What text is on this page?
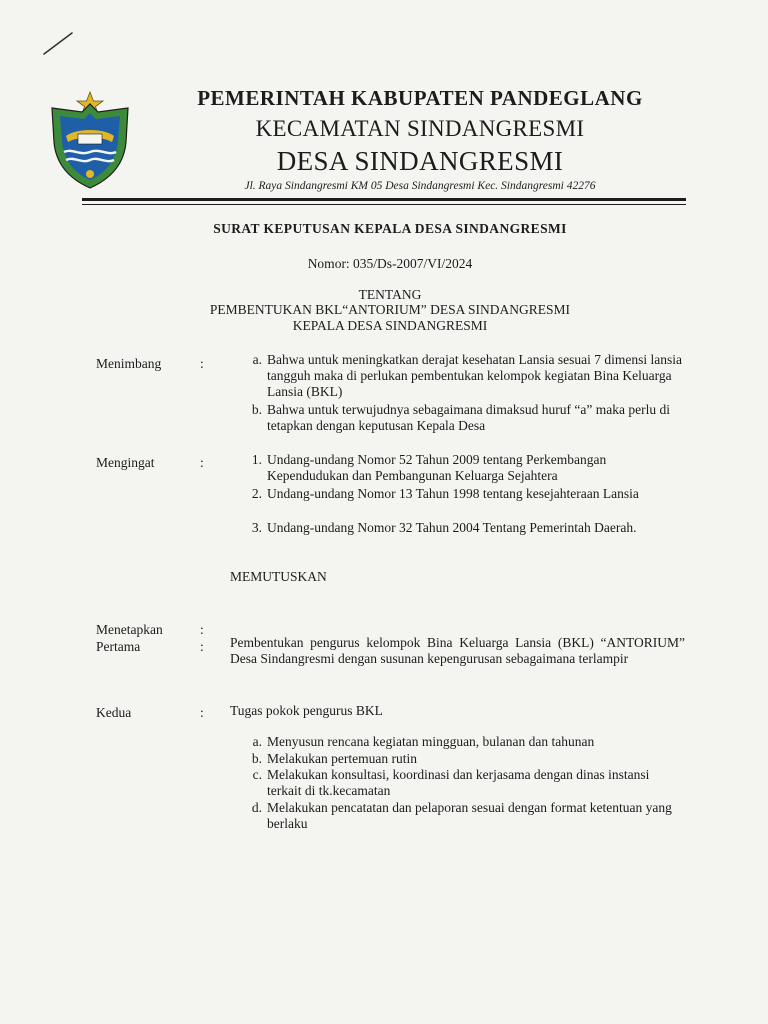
PEMERINTAH KABUPATEN PANDEGLANG
KECAMATAN SINDANGRESMI
DESA SINDANGRESMI
Jl. Raya Sindangresmi KM 05 Desa Sindangresmi Kec. Sindangresmi 42276
SURAT KEPUTUSAN KEPALA DESA SINDANGRESMI
Nomor: 035/Ds-2007/VI/2024
TENTANG
PEMBENTUKAN BKL“ANTORIUM” DESA SINDANGRESMI
KEPALA DESA SINDANGRESMI
Menimbang	:	a. Bahwa untuk meningkatkan derajat kesehatan Lansia sesuai 7 dimensi lansia tangguh maka di perlukan pembentukan kelompok kegiatan Bina Keluarga Lansia (BKL)
b. Bahwa untuk terwujudnya sebagaimana dimaksud huruf “a” maka perlu di tetapkan dengan keputusan Kepala Desa
Mengingat	:	1. Undang-undang Nomor 52 Tahun 2009 tentang Perkembangan Kependudukan dan Pembangunan Keluarga Sejahtera
2. Undang-undang Nomor 13 Tahun 1998 tentang kesejahteraan Lansia
3. Undang-undang Nomor 32 Tahun 2004 Tentang Pemerintah Daerah.
MEMUTUSKAN
Menetapkan	:
Pertama	: Pembentukan pengurus kelompok Bina Keluarga Lansia (BKL) “ANTORIUM” Desa Sindangresmi dengan susunan kepengurusan sebagaimana terlampir
Kedua	: Tugas pokok pengurus BKL
a. Menyusun rencana kegiatan mingguan, bulanan dan tahunan
b. Melakukan pertemuan rutin
c. Melakukan konsultasi, koordinasi dan kerjasama dengan dinas instansi terkait di tk.kecamatan
d. Melakukan pencatatan dan pelaporan sesuai dengan format ketentuan yang berlaku
